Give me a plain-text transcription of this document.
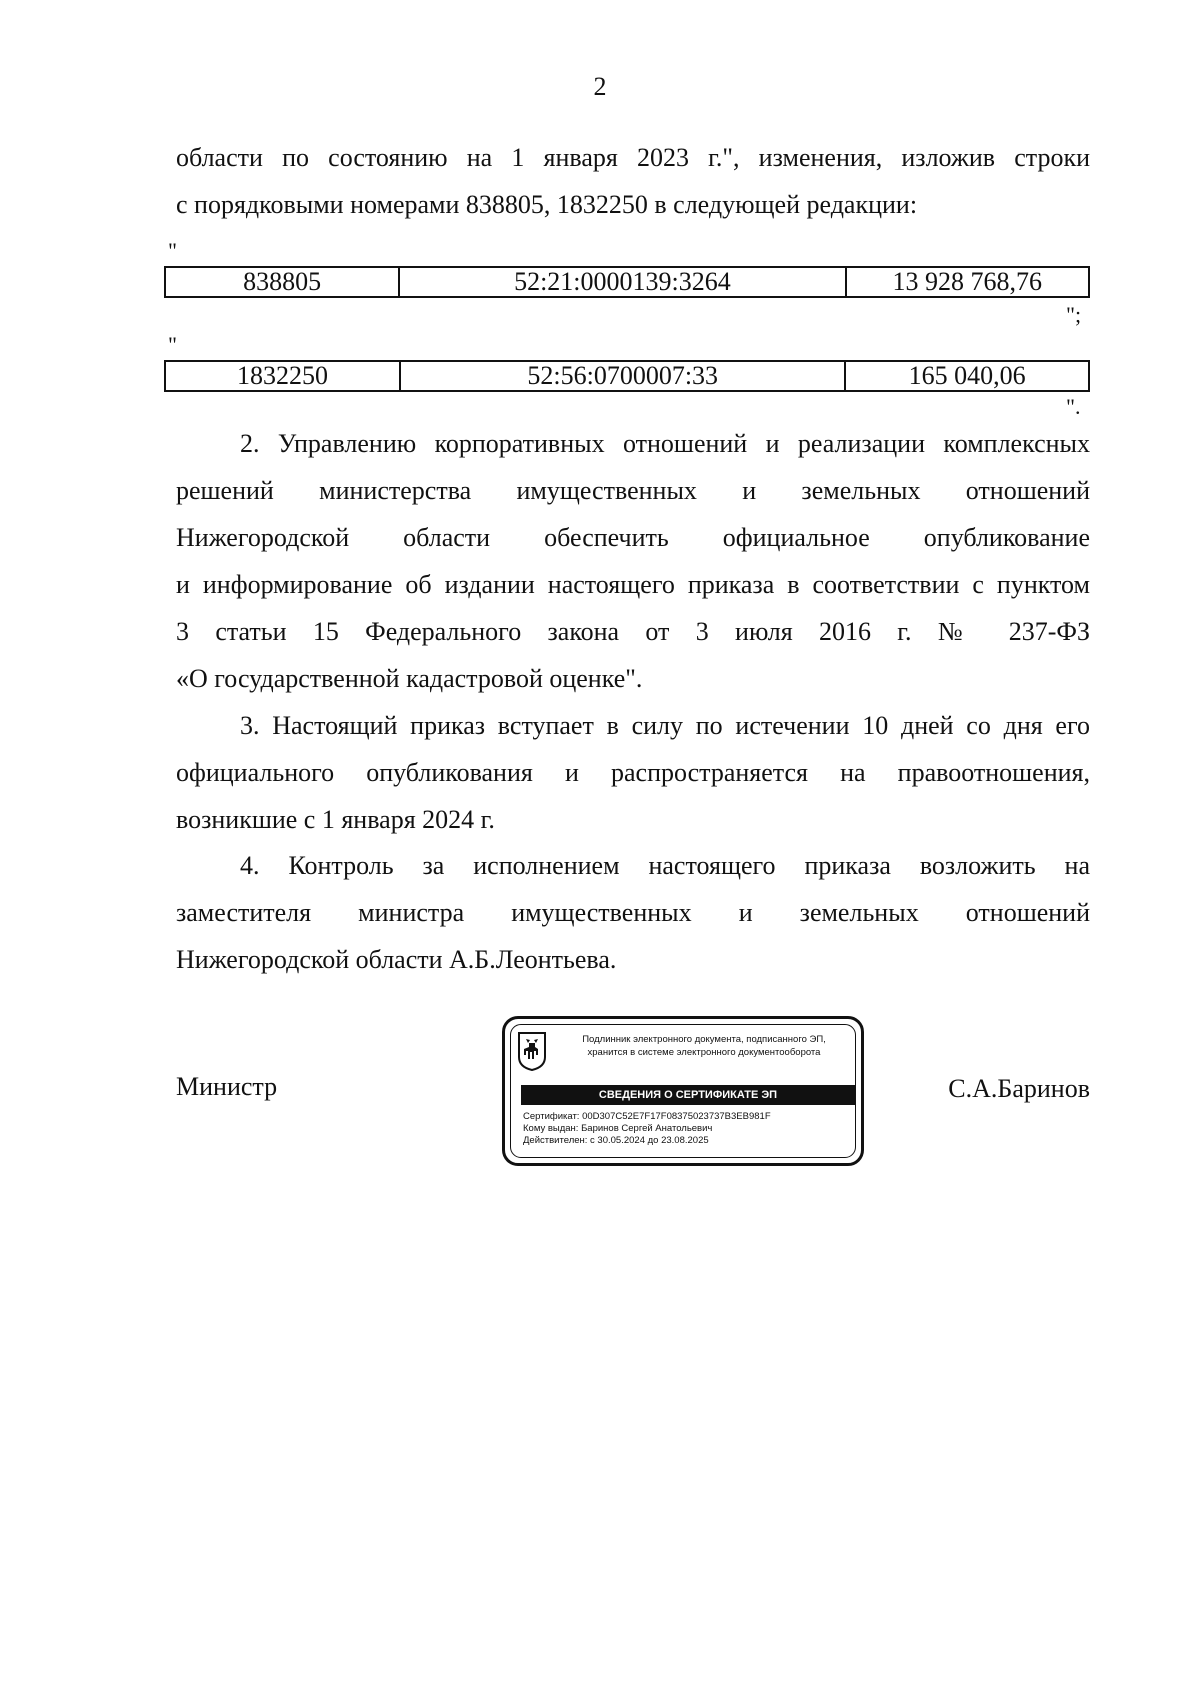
2
области по состоянию на 1 января 2023 г.", изменения, изложив строки
с порядковыми номерами 838805, 1832250 в следующей редакции:
"
838805	52:21:0000139:3264	13 928 768,76
";
"
1832250	52:56:0700007:33	165 040,06
".
2. Управлению корпоративных отношений и реализации комплексных
решений министерства имущественных и земельных отношений
Нижегородской области обеспечить официальное опубликование
и информирование об издании настоящего приказа в соответствии с пунктом
3 статьи 15 Федерального закона от 3 июля 2016 г. № 237-ФЗ
«О государственной кадастровой оценке".
3. Настоящий приказ вступает в силу по истечении 10 дней со дня его
официального опубликования и распространяется на правоотношения,
возникшие с 1 января 2024 г.
4. Контроль за исполнением настоящего приказа возложить на
заместителя министра имущественных и земельных отношений
Нижегородской области А.Б.Леонтьева.
Министр	С.А.Баринов
Подлинник электронного документа, подписанного ЭП,
хранится в системе электронного документооборота
СВЕДЕНИЯ О СЕРТИФИКАТЕ ЭП
Сертификат: 00D307C52E7F17F08375023737B3EB981F
Кому выдан: Баринов Сергей Анатольевич
Действителен: с 30.05.2024 до 23.08.2025
